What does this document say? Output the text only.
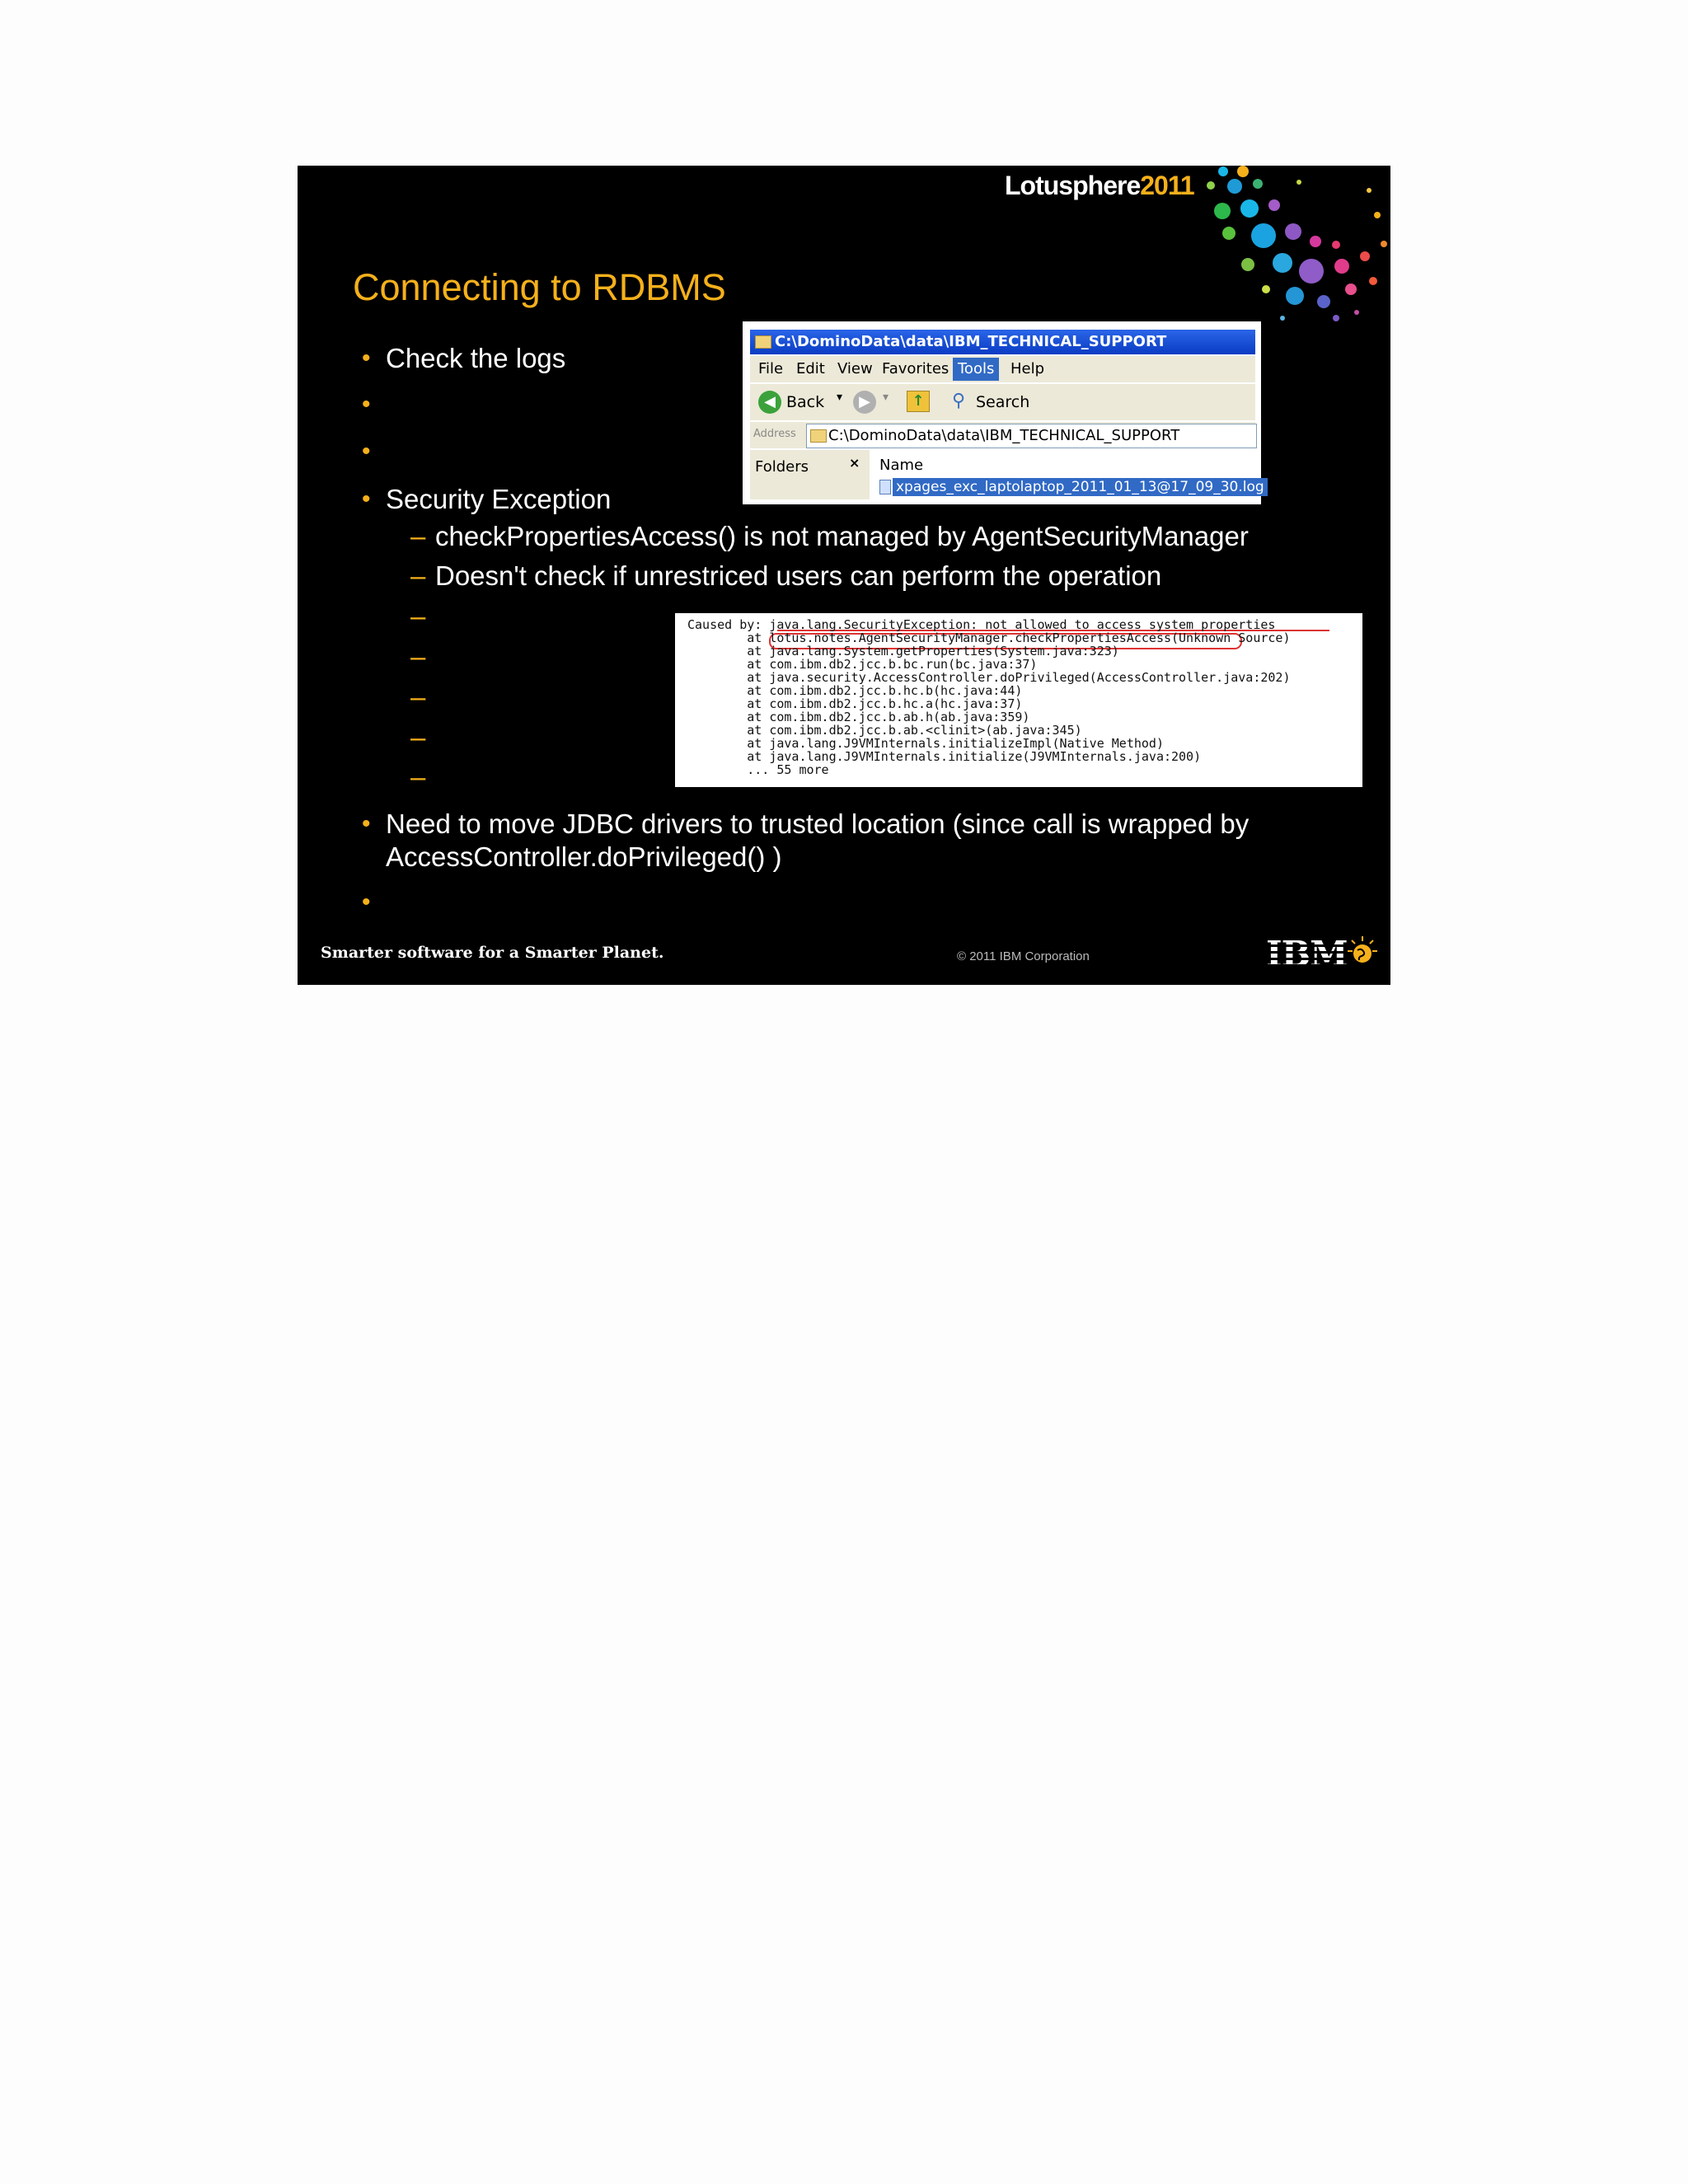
Lotusphere2011
Connecting to RDBMS
• Check the logs
•
•
• Security Exception
– checkPropertiesAccess() is not managed by AgentSecurityManager
– Doesn't check if unrestriced users can perform the operation
–
–
–
–
–
• Need to move JDBC drivers to trusted location (since call is wrapped by
AccessController.doPrivileged() )
•
C:\DominoData\data\IBM_TECHNICAL_SUPPORT
File Edit View Favorites Tools	Help
◀ Back ▾	▶	▾	↑ ⚲ Search
Address C:\DominoData\data\IBM_TECHNICAL_SUPPORT
Folders	× Name
xpages_exc_laptolaptop_2011_01_13@17_09_30.log
Caused by: java.lang.SecurityException: not allowed to access system properties
at lotus.notes.AgentSecurityManager.checkPropertiesAccess(Unknown Source)
at java.lang.System.getProperties(System.java:323)
at com.ibm.db2.jcc.b.bc.run(bc.java:37)
at java.security.AccessController.doPrivileged(AccessController.java:202)
at com.ibm.db2.jcc.b.hc.b(hc.java:44)
at com.ibm.db2.jcc.b.hc.a(hc.java:37)
at com.ibm.db2.jcc.b.ab.h(ab.java:359)
at com.ibm.db2.jcc.b.ab.<clinit>(ab.java:345)
at java.lang.J9VMInternals.initializeImpl(Native Method)
at java.lang.J9VMInternals.initialize(J9VMInternals.java:200)
... 55 more
Smarter software for a Smarter Planet.	© 2011 IBM Corporation	IBM
